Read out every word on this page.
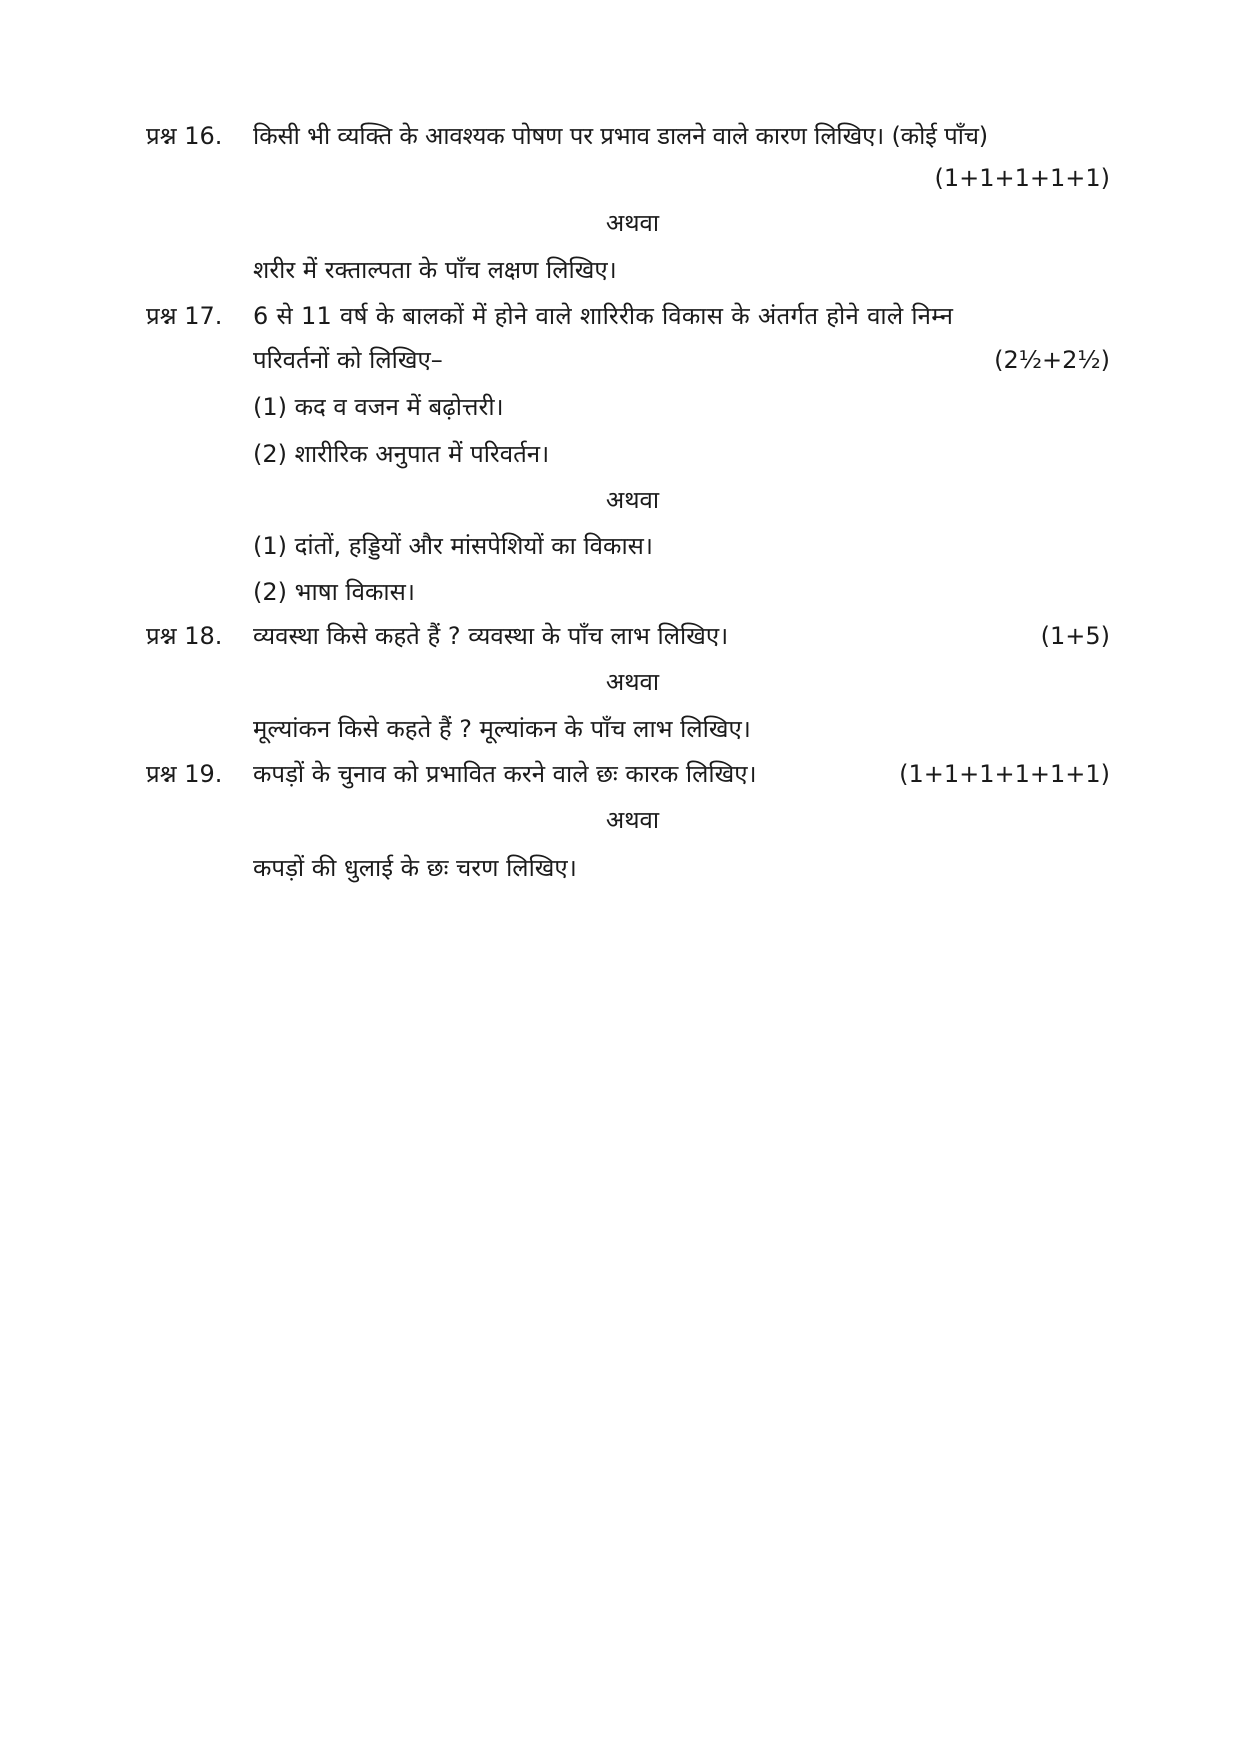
प्रश्न 16. किसी भी व्यक्ति के आवश्यक पोषण पर प्रभाव डालने वाले कारण लिखिए। (कोई पाँच)
(1+1+1+1+1)
अथवा
शरीर में रक्ताल्पता के पाँच लक्षण लिखिए।
प्रश्न 17. 6 से 11 वर्ष के बालकों में होने वाले शारिरीक विकास के अंतर्गत होने वाले निम्न
परिवर्तनों को लिखिए–	(2½+2½)
(1) कद व वजन में बढ़ोत्तरी।
(2) शारीरिक अनुपात में परिवर्तन।
अथवा
(1) दांतों, हड्डियों और मांसपेशियों का विकास।
(2) भाषा विकास।
प्रश्न 18. व्यवस्था किसे कहते हैं ? व्यवस्था के पाँच लाभ लिखिए।	(1+5)
अथवा
मूल्यांकन किसे कहते हैं ? मूल्यांकन के पाँच लाभ लिखिए।
प्रश्न 19. कपड़ों के चुनाव को प्रभावित करने वाले छः कारक लिखिए।	(1+1+1+1+1+1)
अथवा
कपड़ों की धुलाई के छः चरण लिखिए।
